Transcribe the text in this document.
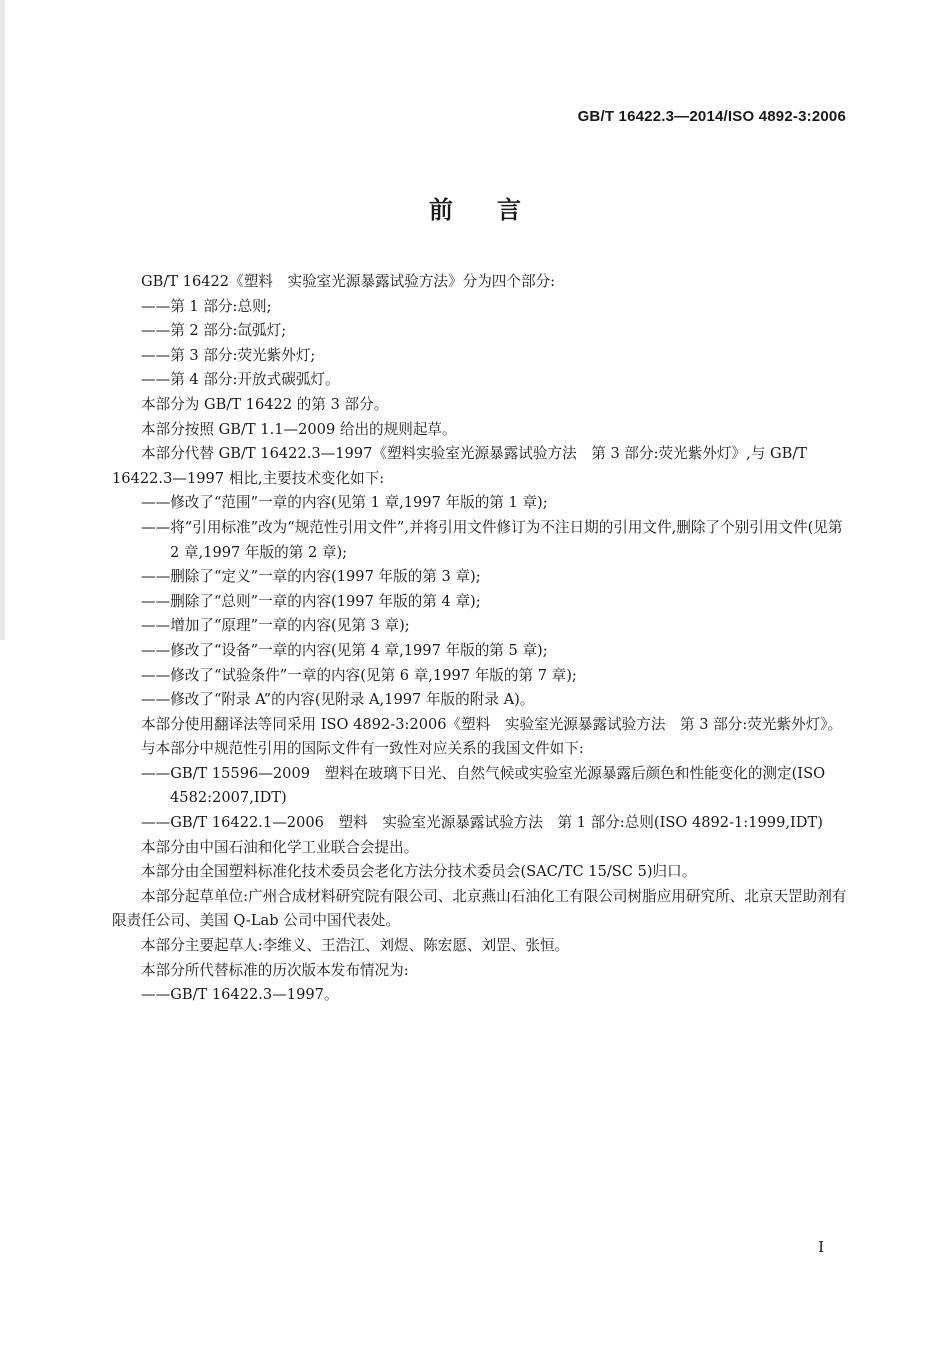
GB/T 16422.3—2014/ISO 4892-3:2006
前言
GB/T 16422《塑料　实验室光源暴露试验方法》分为四个部分:
——第 1 部分:总则;
——第 2 部分:氙弧灯;
——第 3 部分:荧光紫外灯;
——第 4 部分:开放式碳弧灯。
本部分为 GB/T 16422 的第 3 部分。
本部分按照 GB/T 1.1—2009 给出的规则起草。
本部分代替 GB/T 16422.3—1997《塑料实验室光源暴露试验方法　第 3 部分:荧光紫外灯》,与 GB/T 16422.3—1997 相比,主要技术变化如下:
——修改了“范围”一章的内容(见第 1 章,1997 年版的第 1 章);
——将“引用标准”改为“规范性引用文件”,并将引用文件修订为不注日期的引用文件,删除了个别引用文件(见第 2 章,1997 年版的第 2 章);
——删除了“定义”一章的内容(1997 年版的第 3 章);
——删除了“总则”一章的内容(1997 年版的第 4 章);
——增加了“原理”一章的内容(见第 3 章);
——修改了“设备”一章的内容(见第 4 章,1997 年版的第 5 章);
——修改了“试验条件”一章的内容(见第 6 章,1997 年版的第 7 章);
——修改了“附录 A”的内容(见附录 A,1997 年版的附录 A)。
本部分使用翻译法等同采用 ISO 4892-3:2006《塑料　实验室光源暴露试验方法　第 3 部分:荧光紫外灯》。
与本部分中规范性引用的国际文件有一致性对应关系的我国文件如下:
——GB/T 15596—2009　塑料在玻璃下日光、自然气候或实验室光源暴露后颜色和性能变化的测定(ISO 4582:2007,IDT)
——GB/T 16422.1—2006　塑料　实验室光源暴露试验方法　第 1 部分:总则(ISO 4892-1:1999,IDT)
本部分由中国石油和化学工业联合会提出。
本部分由全国塑料标准化技术委员会老化方法分技术委员会(SAC/TC 15/SC 5)归口。
本部分起草单位:广州合成材料研究院有限公司、北京燕山石油化工有限公司树脂应用研究所、北京天罡助剂有限责任公司、美国 Q-Lab 公司中国代表处。
本部分主要起草人:李维义、王浩江、刘煜、陈宏愿、刘罡、张恒。
本部分所代替标准的历次版本发布情况为:
——GB/T 16422.3—1997。
I
